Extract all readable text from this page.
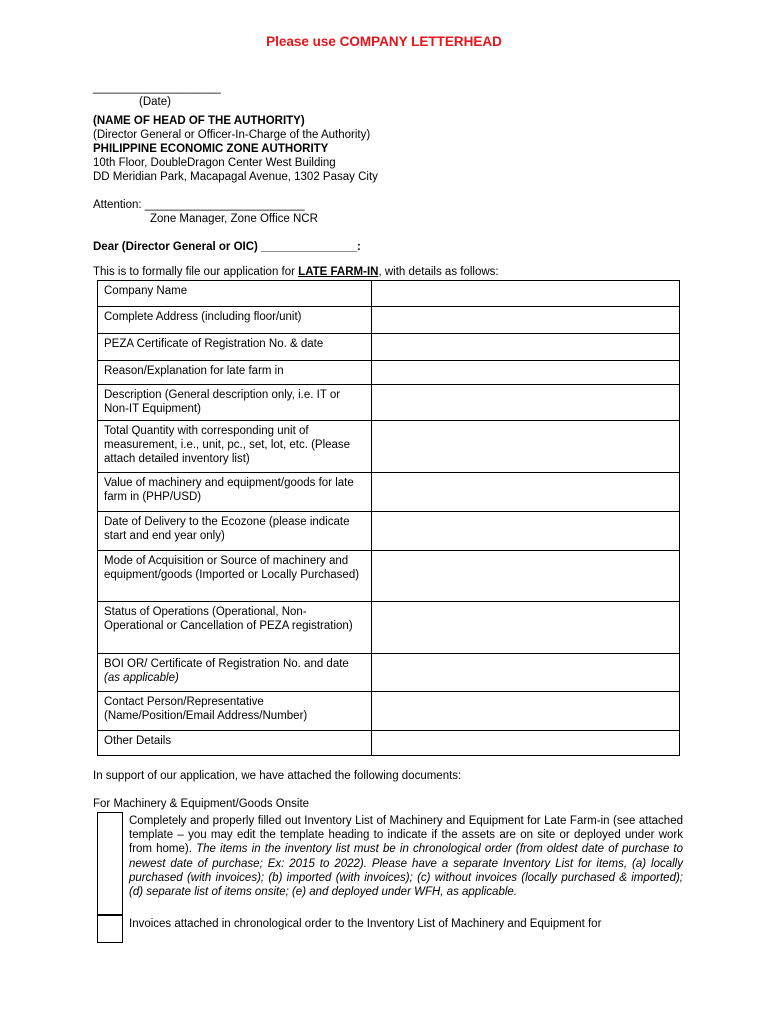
Please use COMPANY LETTERHEAD
____________________
(Date)
(NAME OF HEAD OF THE AUTHORITY)
(Director General or Officer-In-Charge of the Authority)
PHILIPPINE ECONOMIC ZONE AUTHORITY
10th Floor, DoubleDragon Center West Building
DD Meridian Park, Macapagal Avenue, 1302 Pasay City
Attention: _________________________
Zone Manager, Zone Office NCR
Dear (Director General or OIC) _______________:
This is to formally file our application for LATE FARM-IN, with details as follows:
Company Name	
Complete Address (including floor/unit)	
PEZA Certificate of Registration No. & date	
Reason/Explanation for late farm in	
Description (General description only, i.e. IT or Non-IT Equipment)	
Total Quantity with corresponding unit of measurement, i.e., unit, pc., set, lot, etc. (Please attach detailed inventory list)	
Value of machinery and equipment/goods for late farm in (PHP/USD)	
Date of Delivery to the Ecozone (please indicate start and end year only)	
Mode of Acquisition or Source of machinery and equipment/goods (Imported or Locally Purchased)	
Status of Operations (Operational, Non-Operational or Cancellation of PEZA registration)	
BOI OR/ Certificate of Registration No. and date (as applicable)	
Contact Person/Representative (Name/Position/Email Address/Number)	
Other Details	
In support of our application, we have attached the following documents:
For Machinery & Equipment/Goods Onsite
	Completely and properly filled out Inventory List of Machinery and Equipment for Late Farm-in (see attached template – you may edit the template heading to indicate if the assets are on site or deployed under work from home). The items in the inventory list must be in chronological order (from oldest date of purchase to newest date of purchase; Ex: 2015 to 2022). Please have a separate Inventory List for items, (a) locally purchased (with invoices); (b) imported (with invoices); (c) without invoices (locally purchased & imported); (d) separate list of items onsite; (e) and deployed under WFH, as applicable.

	Invoices attached in chronological order to the Inventory List of Machinery and Equipment for
